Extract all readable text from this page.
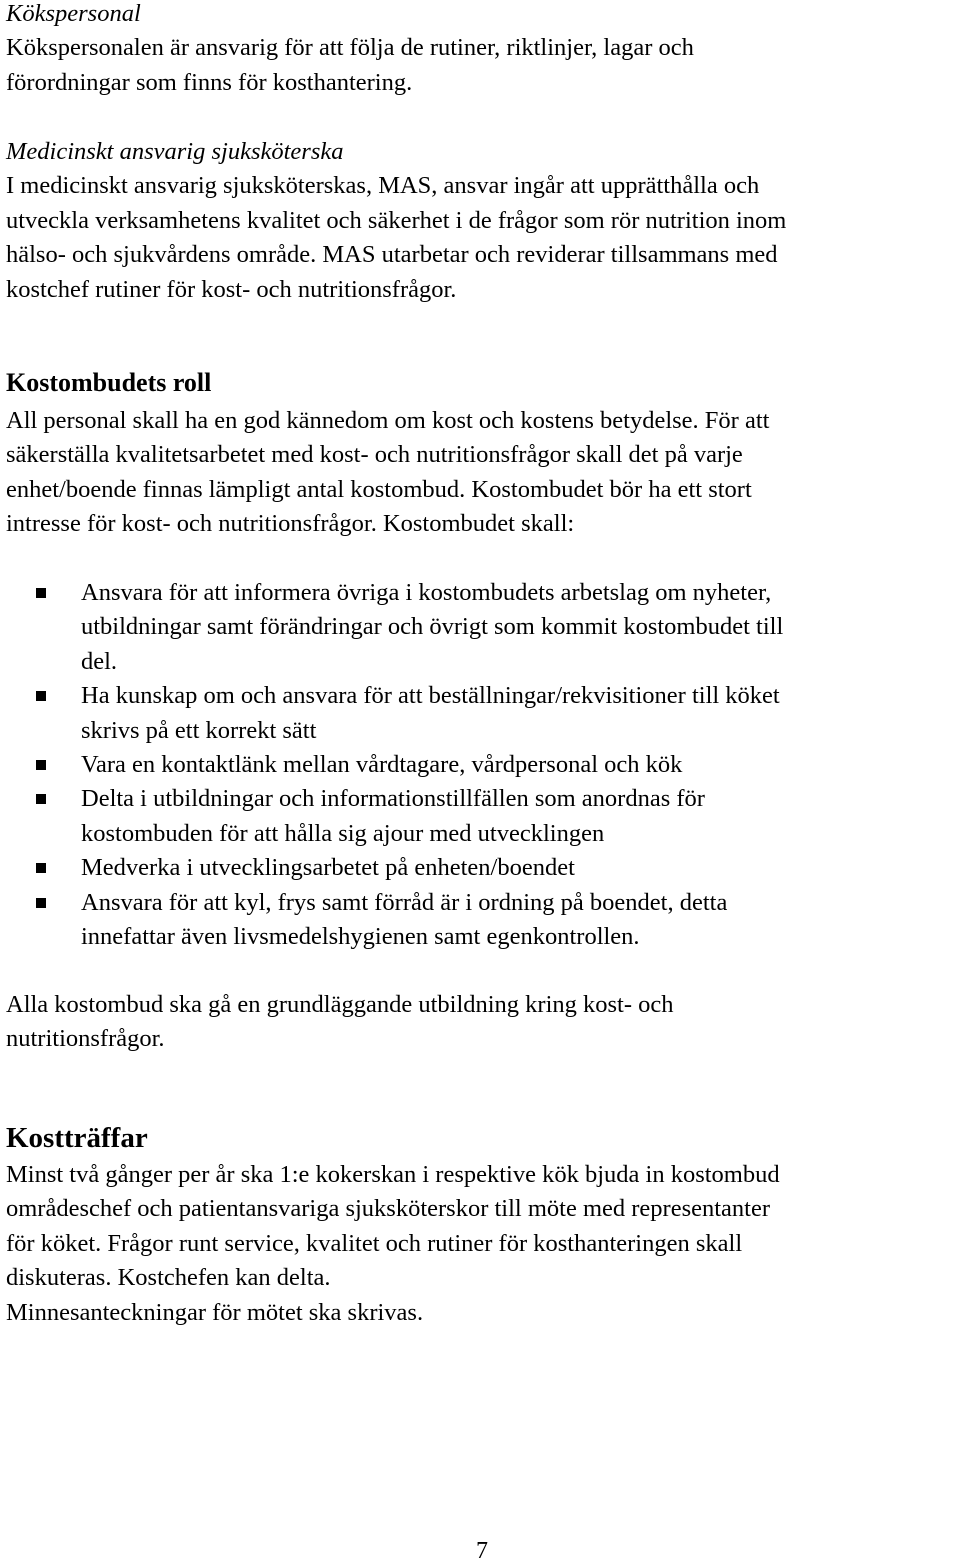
Kökspersonal

Kökspersonalen är ansvarig för att följa de rutiner, riktlinjer, lagar och

förordningar som finns för kosthantering.

Medicinskt ansvarig sjuksköterska

I medicinskt ansvarig sjuksköterskas, MAS, ansvar ingår att upprätthålla och

utveckla verksamhetens kvalitet och säkerhet i de frågor som rör nutrition inom

hälso- och sjukvårdens område. MAS utarbetar och reviderar tillsammans med

kostchef rutiner för kost- och nutritionsfrågor.

Kostombudets roll

All personal skall ha en god kännedom om kost och kostens betydelse. För att

säkerställa kvalitetsarbetet med kost- och nutritionsfrågor skall det på varje

enhet/boende finnas lämpligt antal kostombud. Kostombudet bör ha ett stort

intresse för kost- och nutritionsfrågor. Kostombudet skall:

Ansvara för att informera övriga i kostombudets arbetslag om nyheter,
utbildningar samt förändringar och övrigt som kommit kostombudet till
del.
Ha kunskap om och ansvara för att beställningar/rekvisitioner till köket
skrivs på ett korrekt sätt
Vara en kontaktlänk mellan vårdtagare, vårdpersonal och kök
Delta i utbildningar och informationstillfällen som anordnas för
kostombuden för att hålla sig ajour med utvecklingen
Medverka i utvecklingsarbetet på enheten/boendet
Ansvara för att kyl, frys samt förråd är i ordning på boendet, detta
innefattar även livsmedelshygienen samt egenkontrollen.

Alla kostombud ska gå en grundläggande utbildning kring kost- och

nutritionsfrågor.

Kostträffar

Minst två gånger per år ska 1:e kokerskan i respektive kök bjuda in kostombud

områdeschef och patientansvariga sjuksköterskor till möte med representanter

för köket. Frågor runt service, kvalitet och rutiner för kosthanteringen skall

diskuteras. Kostchefen kan delta.

Minnesanteckningar för mötet ska skrivas.

7
